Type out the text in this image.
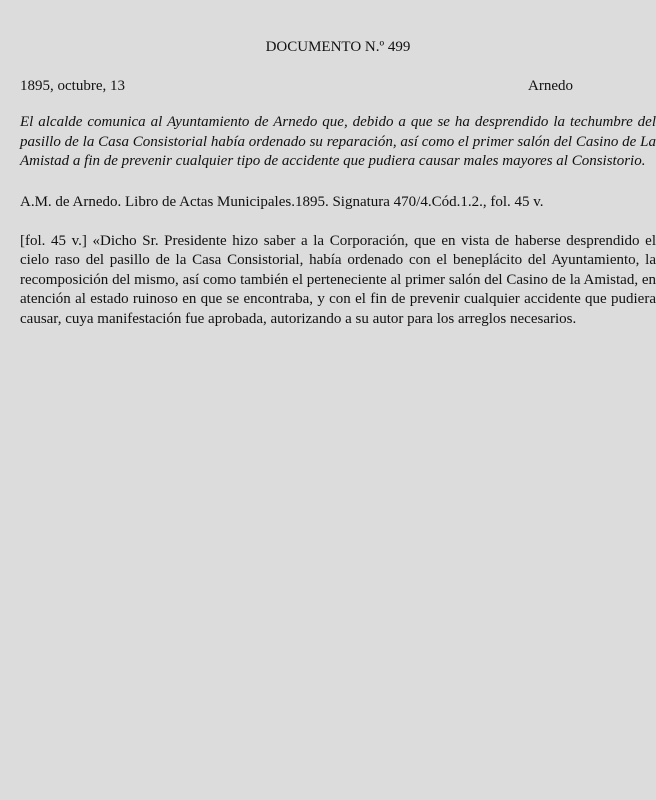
DOCUMENTO N.º 499
1895, octubre, 13	Arnedo

El alcalde comunica al Ayuntamiento de Arnedo que, debido a que se ha desprendido la techumbre del pasillo de la Casa Consistorial había ordenado su reparación, así como el primer salón del Casino de La Amistad a fin de prevenir cualquier tipo de accidente que pudiera causar males mayores al Consistorio.

A.M. de Arnedo. Libro de Actas Municipales.1895. Signatura 470/4.Cód.1.2., fol. 45 v.

[fol. 45 v.] «Dicho Sr. Presidente hizo saber a la Corporación, que en vista de haberse desprendido el cielo raso del pasillo de la Casa Consistorial, había ordenado con el beneplácito del Ayuntamiento, la recomposición del mismo, así como también el perteneciente al primer salón del Casino de la Amistad, en atención al estado ruinoso en que se encontraba, y con el fin de prevenir cualquier accidente que pudiera causar, cuya manifestación fue aprobada, autorizando a su autor para los arreglos necesarios.
